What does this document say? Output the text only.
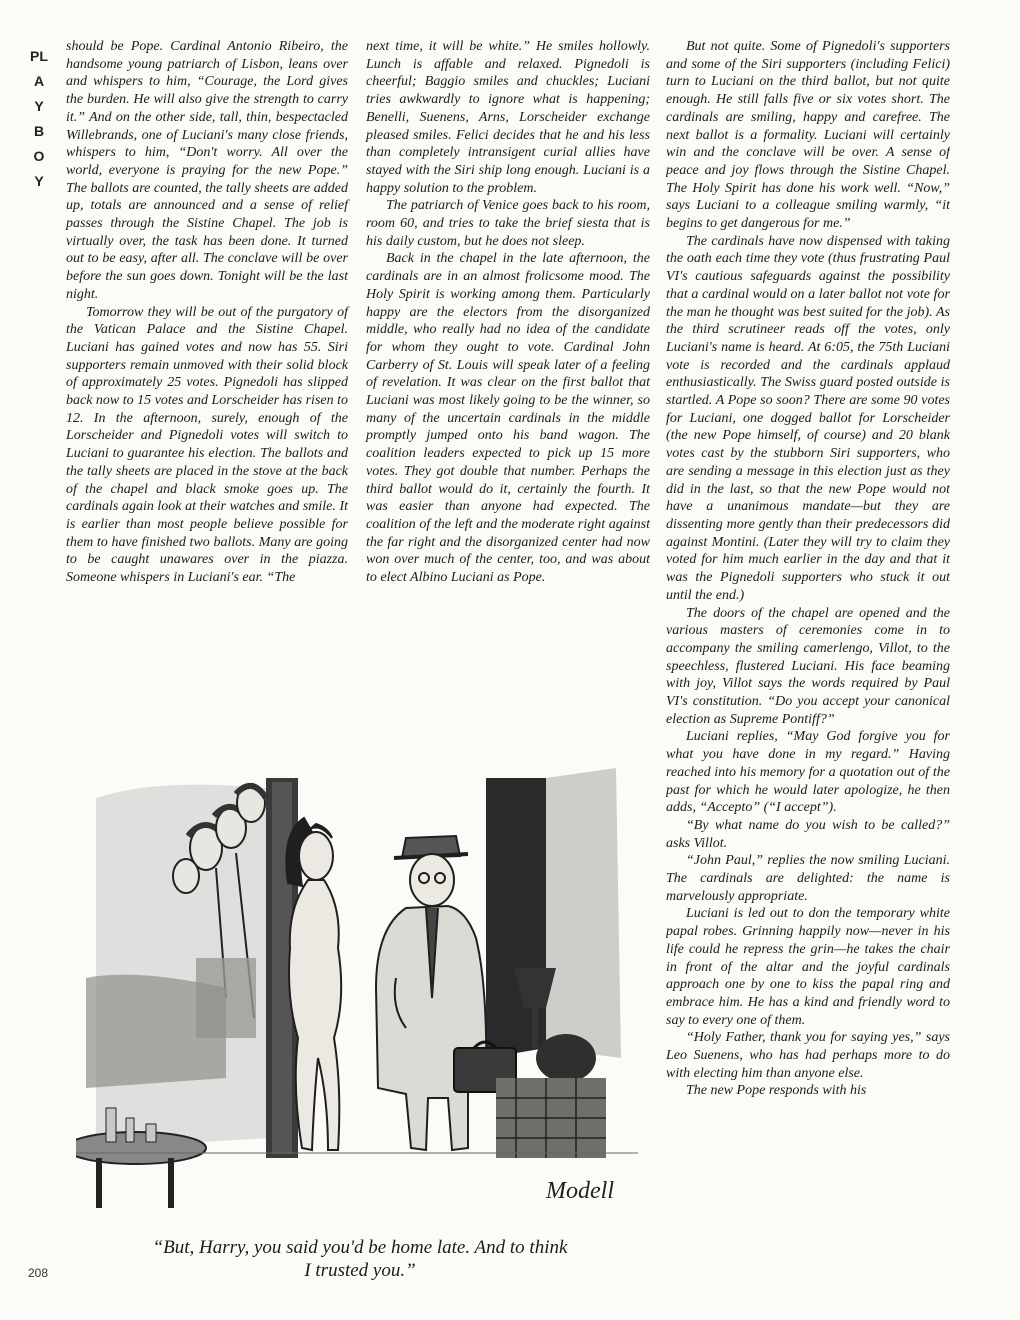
PLAYBOY

should be Pope. Cardinal Antonio Ribeiro, the handsome young patriarch of Lisbon, leans over and whispers to him, “Courage, the Lord gives the burden. He will also give the strength to carry it.” And on the other side, tall, thin, bespectacled Willebrands, one of Luciani's many close friends, whispers to him, “Don't worry. All over the world, everyone is praying for the new Pope.” The ballots are counted, the tally sheets are added up, totals are announced and a sense of relief passes through the Sistine Chapel. The job is virtually over, the task has been done. It turned out to be easy, after all. The conclave will be over before the sun goes down. Tonight will be the last night.

Tomorrow they will be out of the purgatory of the Vatican Palace and the Sistine Chapel. Luciani has gained votes and now has 55. Siri supporters remain unmoved with their solid block of approximately 25 votes. Pignedoli has slipped back now to 15 votes and Lorscheider has risen to 12. In the afternoon, surely, enough of the Lorscheider and Pignedoli votes will switch to Luciani to guarantee his election. The ballots and the tally sheets are placed in the stove at the back of the chapel and black smoke goes up. The cardinals again look at their watches and smile. It is earlier than most people believe possible for them to have finished two ballots. Many are going to be caught unawares over in the piazza. Someone whispers in Luciani's ear. “The

next time, it will be white.” He smiles hollowly. Lunch is affable and relaxed. Pignedoli is cheerful; Baggio smiles and chuckles; Luciani tries awkwardly to ignore what is happening; Benelli, Suenens, Arns, Lorscheider exchange pleased smiles. Felici decides that he and his less than completely intransigent curial allies have stayed with the Siri ship long enough. Luciani is a happy solution to the problem.

The patriarch of Venice goes back to his room, room 60, and tries to take the brief siesta that is his daily custom, but he does not sleep.

Back in the chapel in the late afternoon, the cardinals are in an almost frolicsome mood. The Holy Spirit is working among them. Particularly happy are the electors from the disorganized middle, who really had no idea of the candidate for whom they ought to vote. Cardinal John Carberry of St. Louis will speak later of a feeling of revelation. It was clear on the first ballot that Luciani was most likely going to be the winner, so many of the uncertain cardinals in the middle promptly jumped onto his band wagon. The coalition leaders expected to pick up 15 more votes. They got double that number. Perhaps the third ballot would do it, certainly the fourth. It was easier than anyone had expected. The coalition of the left and the moderate right against the far right and the disorganized center had now won over much of the center, too, and was about to elect Albino Luciani as Pope.

But not quite. Some of Pignedoli's supporters and some of the Siri supporters (including Felici) turn to Luciani on the third ballot, but not quite enough. He still falls five or six votes short. The cardinals are smiling, happy and carefree. The next ballot is a formality. Luciani will certainly win and the conclave will be over. A sense of peace and joy flows through the Sistine Chapel. The Holy Spirit has done his work well. “Now,” says Luciani to a colleague smiling warmly, “it begins to get dangerous for me.”

The cardinals have now dispensed with taking the oath each time they vote (thus frustrating Paul VI's cautious safeguards against the possibility that a cardinal would on a later ballot not vote for the man he thought was best suited for the job). As the third scrutineer reads off the votes, only Luciani's name is heard. At 6:05, the 75th Luciani vote is recorded and the cardinals applaud enthusiastically. The Swiss guard posted outside is startled. A Pope so soon? There are some 90 votes for Luciani, one dogged ballot for Lorscheider (the new Pope himself, of course) and 20 blank votes cast by the stubborn Siri supporters, who are sending a message in this election just as they did in the last, so that the new Pope would not have a unanimous mandate—but they are dissenting more gently than their predecessors did against Montini. (Later they will try to claim they voted for him much earlier in the day and that it was the Pignedoli supporters who stuck it out until the end.)

The doors of the chapel are opened and the various masters of ceremonies come in to accompany the smiling camerlengo, Villot, to the speechless, flustered Luciani. His face beaming with joy, Villot says the words required by Paul VI's constitution. “Do you accept your canonical election as Supreme Pontiff?”

Luciani replies, “May God forgive you for what you have done in my regard.” Having reached into his memory for a quotation out of the past for which he would later apologize, he then adds, “Accepto” (“I accept”).

“By what name do you wish to be called?” asks Villot.

“John Paul,” replies the now smiling Luciani. The cardinals are delighted: the name is marvelously appropriate.

Luciani is led out to don the temporary white papal robes. Grinning happily now—never in his life could he repress the grin—he takes the chair in front of the altar and the joyful cardinals approach one by one to kiss the papal ring and embrace him. He has a kind and friendly word to say to every one of them.

“Holy Father, thank you for saying yes,” says Leo Suenens, who has had perhaps more to do with electing him than anyone else.

The new Pope responds with his

Modell
“But, Harry, you said you'd be home late. And to think
I trusted you.”
208
